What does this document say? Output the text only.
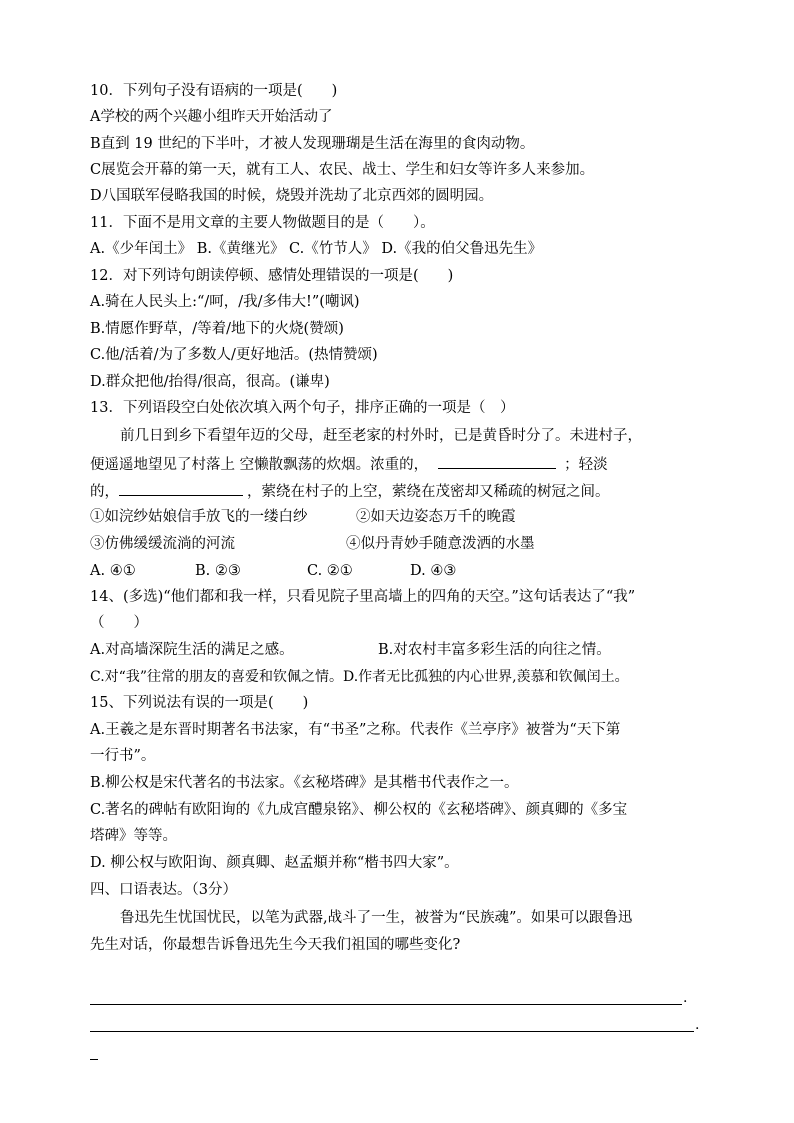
10．下列句子没有语病的一项是(　　)
A学校的两个兴趣小组昨天开始活动了
B直到 19 世纪的下半叶，才被人发现珊瑚是生活在海里的食肉动物。
C展览会开幕的第一天，就有工人、农民、战士、学生和妇女等许多人来参加。
D八国联军侵略我国的时候，烧毁并洗劫了北京西郊的圆明园。
11．下面不是用文章的主要人物做题目的是（　　）。
A.《少年闰土》 B.《黄继光》 C.《竹节人》 D.《我的伯父鲁迅先生》
12．对下列诗句朗读停顿、感情处理错误的一项是(　　)
A.骑在人民头上:“/呵，/我/多伟大!”(嘲讽)
B.情愿作野草，/等着/地下的火烧(赞颂)
C.他/活着/为了多数人/更好地活。(热情赞颂)
D.群众把他/抬得/很高，很高。(谦卑)
13．下列语段空白处依次填入两个句子，排序正确的一项是（　）
前几日到乡下看望年迈的父母，赶至老家的村外时，已是黄昏时分了。未进村子，
便遥遥地望见了村落上 空懒散飘荡的炊烟。浓重的，	；轻淡
的，	，萦绕在村子的上空，萦绕在茂密却又稀疏的树冠之间。
①如浣纱姑娘信手放飞的一缕白纱	②如天边姿态万千的晚霞
③仿佛缓缓流淌的河流	④似丹青妙手随意泼洒的水墨
A. ④①	B. ②③	C. ②①	D. ④③
14、(多选)“他们都和我一样，只看见院子里高墙上的四角的天空。”这句话表达了“我”
（　　）
A.对高墙深院生活的满足之感。	B.对农村丰富多彩生活的向往之情。
C.对“我”往常的朋友的喜爱和钦佩之情。D.作者无比孤独的内心世界,羡慕和钦佩闰土。
15、下列说法有误的一项是(　　)
A.王羲之是东晋时期著名书法家，有“书圣”之称。代表作《兰亭序》被誉为“天下第
一行书”。
B.柳公权是宋代著名的书法家。《玄秘塔碑》是其楷书代表作之一。
C.著名的碑帖有欧阳询的《九成宫醴泉铭》、柳公权的《玄秘塔碑》、颜真卿的《多宝
塔碑》等等。
D. 柳公权与欧阳询、颜真卿、赵孟頫并称“楷书四大家”。
四、口语表达。（3分）
鲁迅先生忧国忧民，以笔为武器,战斗了一生，被誉为“民族魂”。如果可以跟鲁迅
先生对话，你最想告诉鲁迅先生今天我们祖国的哪些变化?
.
.
